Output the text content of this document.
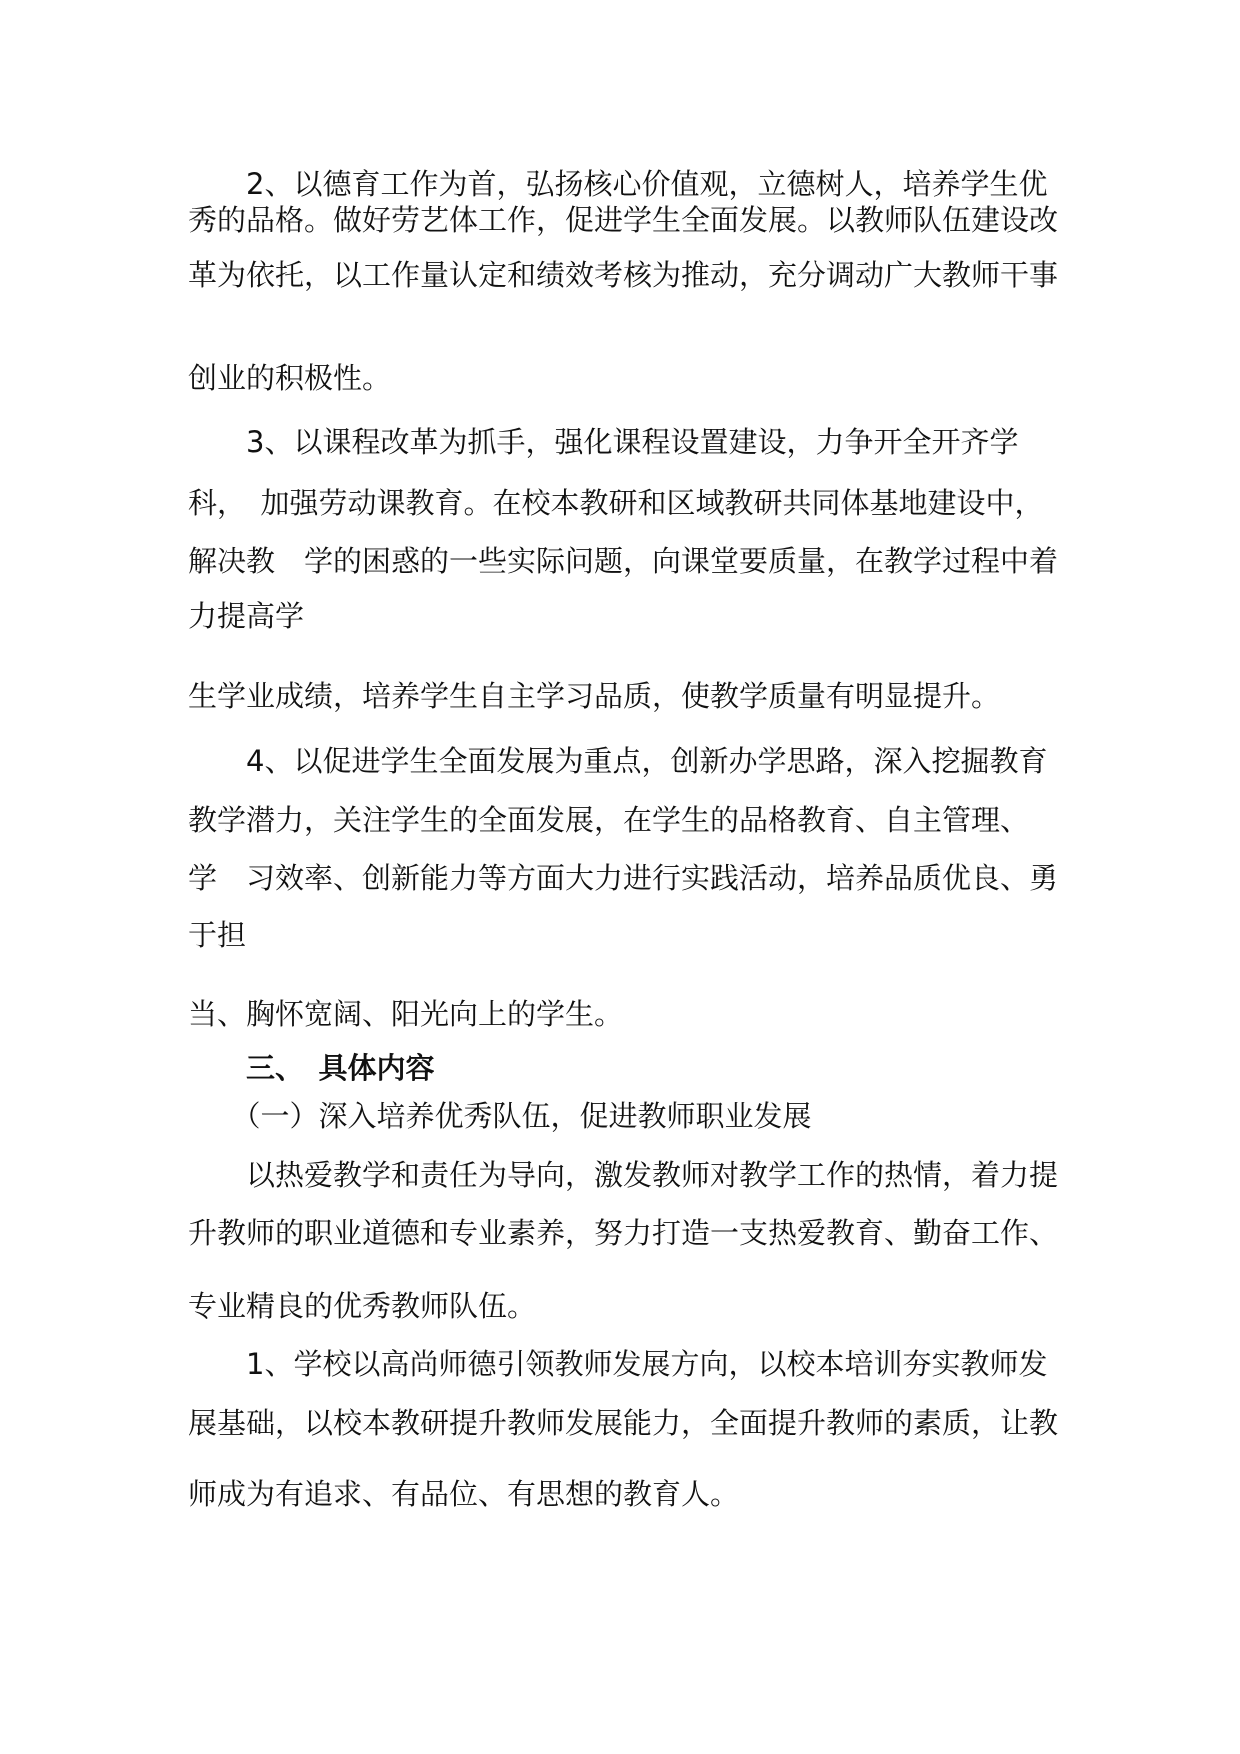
　　2、以德育工作为首，弘扬核心价值观，立德树人，培养学生优

秀的品格。做好劳艺体工作，促进学生全面发展。以教师队伍建设改

革为依托，以工作量认定和绩效考核为推动，充分调动广大教师干事

创业的积极性。

　　3、以课程改革为抓手，强化课程设置建设，力争开全开齐学

科，　加强劳动课教育。在校本教研和区域教研共同体基地建设中，

解决教　学的困惑的一些实际问题，向课堂要质量，在教学过程中着

力提高学

生学业成绩，培养学生自主学习品质，使教学质量有明显提升。

　　4、以促进学生全面发展为重点，创新办学思路，深入挖掘教育

教学潜力，关注学生的全面发展，在学生的品格教育、自主管理、

学　习效率、创新能力等方面大力进行实践活动，培养品质优良、勇

于担

当、胸怀宽阔、阳光向上的学生。

　　三、　具体内容

　　（一）深入培养优秀队伍，促进教师职业发展

　　以热爱教学和责任为导向，激发教师对教学工作的热情，着力提

升教师的职业道德和专业素养，努力打造一支热爱教育、勤奋工作、

专业精良的优秀教师队伍。

　　1、学校以高尚师德引领教师发展方向，以校本培训夯实教师发

展基础，以校本教研提升教师发展能力，全面提升教师的素质，让教

师成为有追求、有品位、有思想的教育人。
